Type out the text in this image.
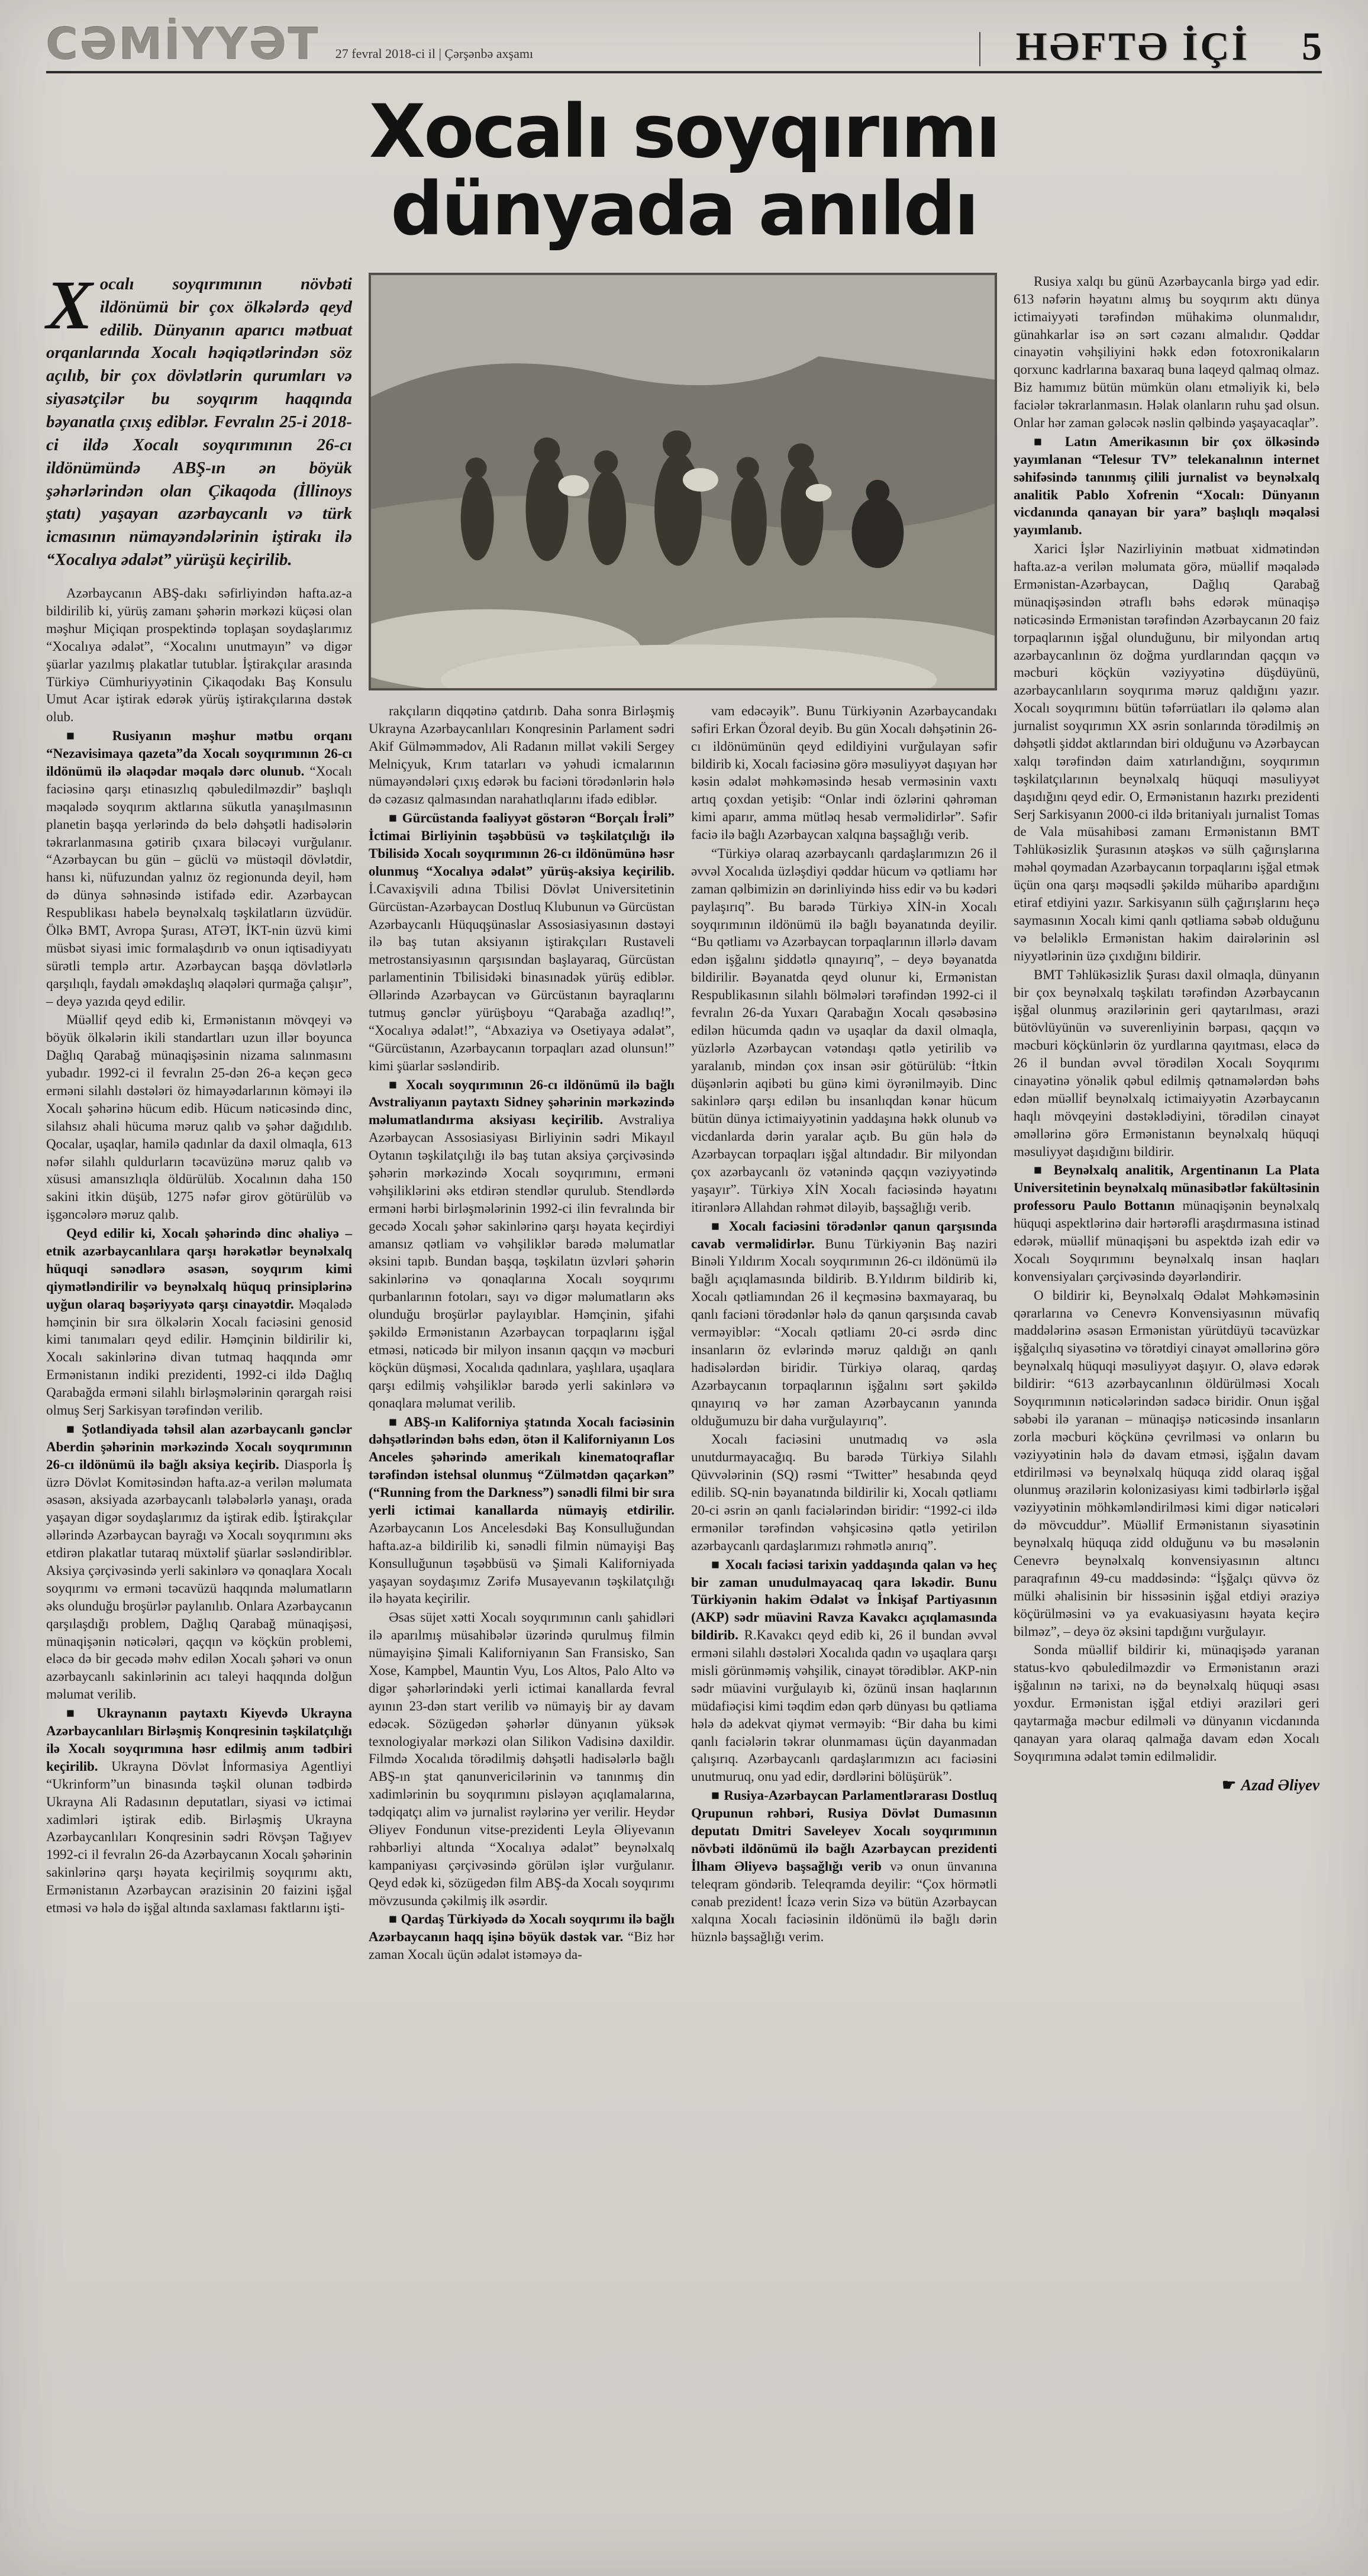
CƏMİYYƏT 27 fevral 2018-ci il | Çərşənbə axşamı	HƏFTƏ İÇİ 5
Xocalı soyqırımı
dünyada anıldı
Xocalı soyqırımının növbəti ildönümü bir çox ölkələrdə qeyd edilib. Dünyanın aparıcı mətbuat orqanlarında Xocalı həqiqətlərindən söz açılıb, bir çox dövlətlərin qurumları və siyasətçilər bu soyqırım haqqında bəyanatla çıxış ediblər. Fevralın 25-i 2018-ci ildə Xocalı soyqırımının 26-cı ildönümündə ABŞ-ın ən böyük şəhərlərindən olan Çikaqoda (İllinoys ştatı) yaşayan azərbaycanlı və türk icmasının nümayəndələrinin iştirakı ilə “Xocalıya ədalət” yürüşü keçirilib.

Azərbaycanın ABŞ-dakı səfirliyindən hafta.az-a bildirilib ki, yürüş zamanı şəhərin mərkəzi küçəsi olan məşhur Miçiqan prospektində toplaşan soydaşlarımız “Xocalıya ədalət”, “Xocalını unutmayın” və digər şüarlar yazılmış plakatlar tutublar. İştirakçılar arasında Türkiyə Cümhuriyyətinin Çikaqodakı Baş Konsulu Umut Acar iştirak edərək yürüş iştirakçılarına dəstək olub.

■ Rusiyanın məşhur mətbu orqanı “Nezavisimaya qazeta”da Xocalı soyqırımının 26-cı ildönümü ilə əlaqədar məqalə dərc olunub. “Xocalı faciəsinə qarşı etinasızlıq qəbuledilməzdir” başlıqlı məqalədə soyqırım aktlarına sükutla yanaşılmasının planetin başqa yerlərində də belə dəhşətli hadisələrin təkrarlanmasına gətirib çıxara biləcəyi vurğulanır. “Azərbaycan bu gün – güclü və müstəqil dövlətdir, hansı ki, nüfuzundan yalnız öz regionunda deyil, həm də dünya səhnəsində istifadə edir. Azərbaycan Respublikası habelə beynəlxalq təşkilatların üzvüdür. Ölkə BMT, Avropa Şurası, ATƏT, İKT-nin üzvü kimi müsbət siyasi imic formalaşdırıb və onun iqtisadiyyatı sürətli templə artır. Azərbaycan başqa dövlətlərlə qarşılıqlı, faydalı əməkdaşlıq əlaqələri qurmağa çalışır”, – deyə yazıda qeyd edilir.

Müəllif qeyd edib ki, Ermənistanın mövqeyi və böyük ölkələrin ikili standartları uzun illər boyunca Dağlıq Qarabağ münaqişəsinin nizama salınmasını yubadır. 1992-ci il fevralın 25-dən 26-a keçən gecə erməni silahlı dəstələri öz himayədarlarının köməyi ilə Xocalı şəhərinə hücum edib. Hücum nəticəsində dinc, silahsız əhali hücuma məruz qalıb və şəhər dağıdılıb. Qocalar, uşaqlar, hamilə qadınlar da daxil olmaqla, 613 nəfər silahlı quldurların təcavüzünə məruz qalıb və xüsusi amansızlıqla öldürülüb. Xocalının daha 150 sakini itkin düşüb, 1275 nəfər girov götürülüb və işgəncələrə məruz qalıb.

Qeyd edilir ki, Xocalı şəhərində dinc əhaliyə – etnik azərbaycanlılara qarşı hərəkətlər beynəlxalq hüquqi sənədlərə əsasən, soyqırım kimi qiymətləndirilir və beynəlxalq hüquq prinsiplərinə uyğun olaraq bəşəriyyətə qarşı cinayətdir. Məqalədə həmçinin bir sıra ölkələrin Xocalı faciəsini genosid kimi tanımaları qeyd edilir. Həmçinin bildirilir ki, Xocalı sakinlərinə divan tutmaq haqqında əmr Ermənistanın indiki prezidenti, 1992-ci ildə Dağlıq Qarabağda erməni silahlı birləşmələrinin qərargah rəisi olmuş Serj Sarkisyan tərəfindən verilib.

■ Şotlandiyada təhsil alan azərbaycanlı gənclər Aberdin şəhərinin mərkəzində Xocalı soyqırımının 26-cı ildönümü ilə bağlı aksiya keçirib. Diasporla İş üzrə Dövlət Komitəsindən hafta.az-a verilən məlumata əsasən, aksiyada azərbaycanlı tələbələrlə yanaşı, orada yaşayan digər soydaşlarımız da iştirak edib. İştirakçılar əllərində Azərbaycan bayrağı və Xocalı soyqırımını əks etdirən plakatlar tutaraq müxtəlif şüarlar səsləndiriblər. Aksiya çərçivəsində yerli sakinlərə və qonaqlara Xocalı soyqırımı və erməni təcavüzü haqqında məlumatların əks olunduğu broşürlər paylanılıb. Onlara Azərbaycanın qarşılaşdığı problem, Dağlıq Qarabağ münaqişəsi, münaqişənin nəticələri, qaçqın və köçkün problemi, eləcə də bir gecədə məhv edilən Xocalı şəhəri və onun azərbaycanlı sakinlərinin acı taleyi haqqında dolğun məlumat verilib.

■ Ukraynanın paytaxtı Kiyevdə Ukrayna Azərbaycanlıları Birləşmiş Konqresinin təşkilatçılığı ilə Xocalı soyqırımına həsr edilmiş anım tədbiri keçirilib. Ukrayna Dövlət İnformasiya Agentliyi “Ukrinform”un binasında təşkil olunan tədbirdə Ukrayna Ali Radasının deputatları, siyasi və ictimai xadimləri iştirak edib. Birləşmiş Ukrayna Azərbaycanlıları Konqresinin sədri Rövşən Tağıyev 1992-ci il fevralın 26-da Azərbaycanın Xocalı şəhərinin sakinlərinə qarşı həyata keçirilmiş soyqırımı aktı, Ermənistanın Azərbaycan ərazisinin 20 faizini işğal etməsi və hələ də işğal altında saxlaması faktlarını işti-

rakçıların diqqətinə çatdırıb. Daha sonra Birləşmiş Ukrayna Azərbaycanlıları Konqresinin Parlament sədri Akif Gülməmmədov, Ali Radanın millət vəkili Sergey Melniçyuk, Krım tatarları və yəhudi icmalarının nümayəndələri çıxış edərək bu faciəni törədənlərin hələ də cəzasız qalmasından narahatlıqlarını ifadə ediblər.

■ Gürcüstanda fəaliyyət göstərən “Borçalı İrəli” İctimai Birliyinin təşəbbüsü və təşkilatçılığı ilə Tbilisidə Xocalı soyqırımının 26-cı ildönümünə həsr olunmuş “Xocalıya ədalət” yürüş-aksiya keçirilib. İ.Cavaxişvili adına Tbilisi Dövlət Universitetinin Gürcüstan-Azərbaycan Dostluq Klubunun və Gürcüstan Azərbaycanlı Hüquqşünaslar Assosiasiyasının dəstəyi ilə baş tutan aksiyanın iştirakçıları Rustaveli metrostansiyasının qarşısından başlayaraq, Gürcüstan parlamentinin Tbilisidəki binasınadək yürüş ediblər. Əllərində Azərbaycan və Gürcüstanın bayraqlarını tutmuş gənclər yürüşboyu “Qarabağa azadlıq!”, “Xocalıya ədalət!”, “Abxaziya və Osetiyaya ədalət”, “Gürcüstanın, Azərbaycanın torpaqları azad olunsun!” kimi şüarlar səsləndirib.

■ Xocalı soyqırımının 26-cı ildönümü ilə bağlı Avstraliyanın paytaxtı Sidney şəhərinin mərkəzində məlumatlandırma aksiyası keçirilib. Avstraliya Azərbaycan Assosiasiyası Birliyinin sədri Mikayıl Oytanın təşkilatçılığı ilə baş tutan aksiya çərçivəsində şəhərin mərkəzində Xocalı soyqırımını, erməni vəhşiliklərini əks etdirən stendlər qurulub. Stendlərdə erməni hərbi birləşmələrinin 1992-ci ilin fevralında bir gecədə Xocalı şəhər sakinlərinə qarşı həyata keçirdiyi amansız qətliam və vəhşiliklər barədə məlumatlar əksini tapıb. Bundan başqa, təşkilatın üzvləri şəhərin sakinlərinə və qonaqlarına Xocalı soyqırımı qurbanlarının fotoları, sayı və digər məlumatların əks olunduğu broşürlər paylayıblar. Həmçinin, şifahi şəkildə Ermənistanın Azərbaycan torpaqlarını işğal etməsi, nəticədə bir milyon insanın qaçqın və məcburi köçkün düşməsi, Xocalıda qadınlara, yaşlılara, uşaqlara qarşı edilmiş vəhşiliklər barədə yerli sakinlərə və qonaqlara məlumat verilib.

■ ABŞ-ın Kaliforniya ştatında Xocalı faciəsinin dəhşətlərindən bəhs edən, ötən il Kaliforniyanın Los Anceles şəhərində amerikalı kinematoqraflar tərəfindən istehsal olunmuş “Zülmətdən qaçarkən” (“Running from the Darkness”) sənədli filmi bir sıra yerli ictimai kanallarda nümayiş etdirilir. Azərbaycanın Los Ancelesdəki Baş Konsulluğundan hafta.az-a bildirilib ki, sənədli filmin nümayişi Baş Konsulluğunun təşəbbüsü və Şimali Kaliforniyada yaşayan soydaşımız Zərifə Musayevanın təşkilatçılığı ilə həyata keçirilir.

Əsas süjet xətti Xocalı soyqırımının canlı şahidləri ilə aparılmış müsahibələr üzərində qurulmuş filmin nümayişinə Şimali Kaliforniyanın San Fransisko, San Xose, Kampbel, Mauntin Vyu, Los Altos, Palo Alto və digər şəhərlərindəki yerli ictimai kanallarda fevral ayının 23-dən start verilib və nümayiş bir ay davam edəcək. Sözügedən şəhərlər dünyanın yüksək texnologiyalar mərkəzi olan Silikon Vadisinə daxildir. Filmdə Xocalıda törədilmiş dəhşətli hadisələrlə bağlı ABŞ-ın ştat qanunvericilərinin və tanınmış din xadimlərinin bu soyqırımını pisləyən açıqlamalarına, tədqiqatçı alim və jurnalist rəylərinə yer verilir. Heydər Əliyev Fondunun vitse-prezidenti Leyla Əliyevanın rəhbərliyi altında “Xocalıya ədalət” beynəlxalq kampaniyası çərçivəsində görülən işlər vurğulanır. Qeyd edək ki, sözügedən film ABŞ-da Xocalı soyqırımı mövzusunda çəkilmiş ilk əsərdir.

■ Qardaş Türkiyədə də Xocalı soyqırımı ilə bağlı Azərbaycanın haqq işinə böyük dəstək var. “Biz hər zaman Xocalı üçün ədalət istəməyə da-

vam edəcəyik”. Bunu Türkiyənin Azərbaycandakı səfiri Erkan Özoral deyib. Bu gün Xocalı dəhşətinin 26-cı ildönümünün qeyd edildiyini vurğulayan səfir bildirib ki, Xocalı faciəsinə görə məsuliyyət daşıyan hər kəsin ədalət məhkəməsində hesab verməsinin vaxtı artıq çoxdan yetişib: “Onlar indi özlərini qəhrəman kimi aparır, amma mütləq hesab verməlidirlər”. Səfir faciə ilə bağlı Azərbaycan xalqına başsağlığı verib.

“Türkiyə olaraq azərbaycanlı qardaşlarımızın 26 il əvvəl Xocalıda üzləşdiyi qəddar hücum və qətliamı hər zaman qəlbimizin ən dərinliyində hiss edir və bu kədəri paylaşırıq”. Bu barədə Türkiyə XİN-in Xocalı soyqırımının ildönümü ilə bağlı bəyanatında deyilir. “Bu qətliamı və Azərbaycan torpaqlarının illərlə davam edən işğalını şiddətlə qınayırıq”, – deyə bəyanatda bildirilir. Bəyanatda qeyd olunur ki, Ermənistan Respublikasının silahlı bölmələri tərəfindən 1992-ci il fevralın 26-da Yuxarı Qarabağın Xocalı qəsəbəsinə edilən hücumda qadın və uşaqlar da daxil olmaqla, yüzlərlə Azərbaycan vətəndaşı qətlə yetirilib və yaralanıb, mindən çox insan əsir götürülüb: “İtkin düşənlərin aqibəti bu günə kimi öyrənilməyib. Dinc sakinlərə qarşı edilən bu insanlıqdan kənar hücum bütün dünya ictimaiyyətinin yaddaşına həkk olunub və vicdanlarda dərin yaralar açıb. Bu gün hələ də Azərbaycan torpaqları işğal altındadır. Bir milyondan çox azərbaycanlı öz vətənində qaçqın vəziyyətində yaşayır”. Türkiyə XİN Xocalı faciəsində həyatını itirənlərə Allahdan rəhmət diləyib, başsağlığı verib.

■ Xocalı faciəsini törədənlər qanun qarşısında cavab verməlidirlər. Bunu Türkiyənin Baş naziri Binəli Yıldırım Xocalı soyqırımının 26-cı ildönümü ilə bağlı açıqlamasında bildirib. B.Yıldırım bildirib ki, Xocalı qətliamından 26 il keçməsinə baxmayaraq, bu qanlı faciəni törədənlər hələ də qanun qarşısında cavab verməyiblər: “Xocalı qətliamı 20-ci əsrdə dinc insanların öz evlərində məruz qaldığı ən qanlı hadisələrdən biridir. Türkiyə olaraq, qardaş Azərbaycanın torpaqlarının işğalını sərt şəkildə qınayırıq və hər zaman Azərbaycanın yanında olduğumuzu bir daha vurğulayırıq”.

Xocalı faciəsini unutmadıq və əsla unutdurmayacağıq. Bu barədə Türkiyə Silahlı Qüvvələrinin (SQ) rəsmi “Twitter” hesabında qeyd edilib. SQ-nin bəyanatında bildirilir ki, Xocalı qətliamı 20-ci əsrin ən qanlı faciələrindən biridir: “1992-ci ildə ermənilər tərəfindən vəhşicəsinə qətlə yetirilən azərbaycanlı qardaşlarımızı rəhmətlə anırıq”.

■ Xocalı faciəsi tarixin yaddaşında qalan və heç bir zaman unudulmayacaq qara ləkədir. Bunu Türkiyənin hakim Ədalət və İnkişaf Partiyasının (AKP) sədr müavini Ravza Kavakcı açıqlamasında bildirib. R.Kavakcı qeyd edib ki, 26 il bundan əvvəl erməni silahlı dəstələri Xocalıda qadın və uşaqlara qarşı misli görünməmiş vəhşilik, cinayət törədiblər. AKP-nin sədr müavini vurğulayıb ki, özünü insan haqlarının müdafiəçisi kimi təqdim edən qərb dünyası bu qətliama hələ də adekvat qiymət verməyib: “Bir daha bu kimi qanlı faciələrin təkrar olunmaması üçün dayanmadan çalışırıq. Azərbaycanlı qardaşlarımızın acı faciəsini unutmuruq, onu yad edir, dərdlərini bölüşürük”.

■ Rusiya-Azərbaycan Parlamentlərarası Dostluq Qrupunun rəhbəri, Rusiya Dövlət Dumasının deputatı Dmitri Saveleyev Xocalı soyqırımının növbəti ildönümü ilə bağlı Azərbaycan prezidenti İlham Əliyevə başsağlığı verib və onun ünvanına teleqram göndərib. Teleqramda deyilir: “Çox hörmətli cənab prezident! İcazə verin Sizə və bütün Azərbaycan xalqına Xocalı faciəsinin ildönümü ilə bağlı dərin hüznlə başsağlığı verim.

Rusiya xalqı bu günü Azərbaycanla birgə yad edir. 613 nəfərin həyatını almış bu soyqırım aktı dünya ictimaiyyəti tərəfindən mühakimə olunmalıdır, günahkarlar isə ən sərt cəzanı almalıdır. Qəddar cinayətin vəhşiliyini həkk edən fotoxronikaların qorxunc kadrlarına baxaraq buna laqeyd qalmaq olmaz. Biz hamımız bütün mümkün olanı etməliyik ki, belə faciələr təkrarlanmasın. Həlak olanların ruhu şad olsun. Onlar hər zaman gələcək nəslin qəlbində yaşayacaqlar”.

■ Latın Amerikasının bir çox ölkəsində yayımlanan “Telesur TV” telekanalının internet səhifəsində tanınmış çilili jurnalist və beynəlxalq analitik Pablo Xofrenin “Xocalı: Dünyanın vicdanında qanayan bir yara” başlıqlı məqaləsi yayımlanıb.

Xarici İşlər Nazirliyinin mətbuat xidmətindən hafta.az-a verilən məlumata görə, müəllif məqalədə Ermənistan-Azərbaycan, Dağlıq Qarabağ münaqişəsindən ətraflı bəhs edərək münaqişə nəticəsində Ermənistan tərəfindən Azərbaycanın 20 faiz torpaqlarının işğal olunduğunu, bir milyondan artıq azərbaycanlının öz doğma yurdlarından qaçqın və məcburi köçkün vəziyyətinə düşdüyünü, azərbaycanlıların soyqırıma məruz qaldığını yazır. Xocalı soyqırımını bütün təfərrüatları ilə qələmə alan jurnalist soyqırımın XX əsrin sonlarında törədilmiş ən dəhşətli şiddət aktlarından biri olduğunu və Azərbaycan xalqı tərəfindən daim xatırlandığını, soyqırımın təşkilatçılarının beynəlxalq hüquqi məsuliyyət daşıdığını qeyd edir. O, Ermənistanın hazırkı prezidenti Serj Sarkisyanın 2000-ci ildə britaniyalı jurnalist Tomas de Vala müsahibəsi zamanı Ermənistanın BMT Təhlükəsizlik Şurasının atəşkəs və sülh çağırışlarına məhəl qoymadan Azərbaycanın torpaqlarını işğal etmək üçün ona qarşı məqsədli şəkildə müharibə apardığını etiraf etdiyini yazır. Sarkisyanın sülh çağırışlarını heçə saymasının Xocalı kimi qanlı qətliama səbəb olduğunu və beləliklə Ermənistan hakim dairələrinin əsl niyyətlərinin üzə çıxdığını bildirir.

BMT Təhlükəsizlik Şurası daxil olmaqla, dünyanın bir çox beynəlxalq təşkilatı tərəfindən Azərbaycanın işğal olunmuş ərazilərinin geri qaytarılması, ərazi bütövlüyünün və suverenliyinin bərpası, qaçqın və məcburi köçkünlərin öz yurdlarına qayıtması, eləcə də 26 il bundan əvvəl törədilən Xocalı Soyqırımı cinayətinə yönəlik qəbul edilmiş qətnamələrdən bəhs edən müəllif beynəlxalq ictimaiyyətin Azərbaycanın haqlı mövqeyini dəstəklədiyini, törədilən cinayət əməllərinə görə Ermənistanın beynəlxalq hüquqi məsuliyyət daşıdığını bildirir.

■ Beynəlxalq analitik, Argentinanın La Plata Universitetinin beynəlxalq münasibətlər fakültəsinin professoru Paulo Bottanın münaqişənin beynəlxalq hüquqi aspektlərinə dair hərtərəfli araşdırmasına istinad edərək, müəllif münaqişəni bu aspektdə izah edir və Xocalı Soyqırımını beynəlxalq insan haqları konvensiyaları çərçivəsində dəyərləndirir.

O bildirir ki, Beynəlxalq Ədalət Məhkəməsinin qərarlarına və Cenevrə Konvensiyasının müvafiq maddələrinə əsasən Ermənistan yürütdüyü təcavüzkar işğalçılıq siyasətinə və törətdiyi cinayət əməllərinə görə beynəlxalq hüquqi məsuliyyət daşıyır. O, əlavə edərək bildirir: “613 azərbaycanlının öldürülməsi Xocalı Soyqırımının nəticələrindən sadəcə biridir. Onun işğal səbəbi ilə yaranan – münaqişə nəticəsində insanların zorla məcburi köçkünə çevrilməsi və onların bu vəziyyətinin hələ də davam etməsi, işğalın davam etdirilməsi və beynəlxalq hüquqa zidd olaraq işğal olunmuş ərazilərin kolonizasiyası kimi tədbirlərlə işğal vəziyyətinin möhkəmləndirilməsi kimi digər nəticələri də mövcuddur”. Müəllif Ermənistanın siyasətinin beynəlxalq hüquqa zidd olduğunu və bu məsələnin Cenevrə beynəlxalq konvensiyasının altıncı paraqrafının 49-cu maddəsində: “İşğalçı qüvvə öz mülki əhalisinin bir hissəsinin işğal etdiyi əraziyə köçürülməsini və ya evakuasiyasını həyata keçirə bilməz”, – deyə öz əksini tapdığını vurğulayır.

Sonda müəllif bildirir ki, münaqişədə yaranan status-kvo qəbuledilməzdir və Ermənistanın ərazi işğalının nə tarixi, nə də beynəlxalq hüquqi əsası yoxdur. Ermənistan işğal etdiyi əraziləri geri qaytarmağa məcbur edilməli və dünyanın vicdanında qanayan yara olaraq qalmağa davam edən Xocalı Soyqırımına ədalət təmin edilməlidir.

☛ Azad Əliyev
